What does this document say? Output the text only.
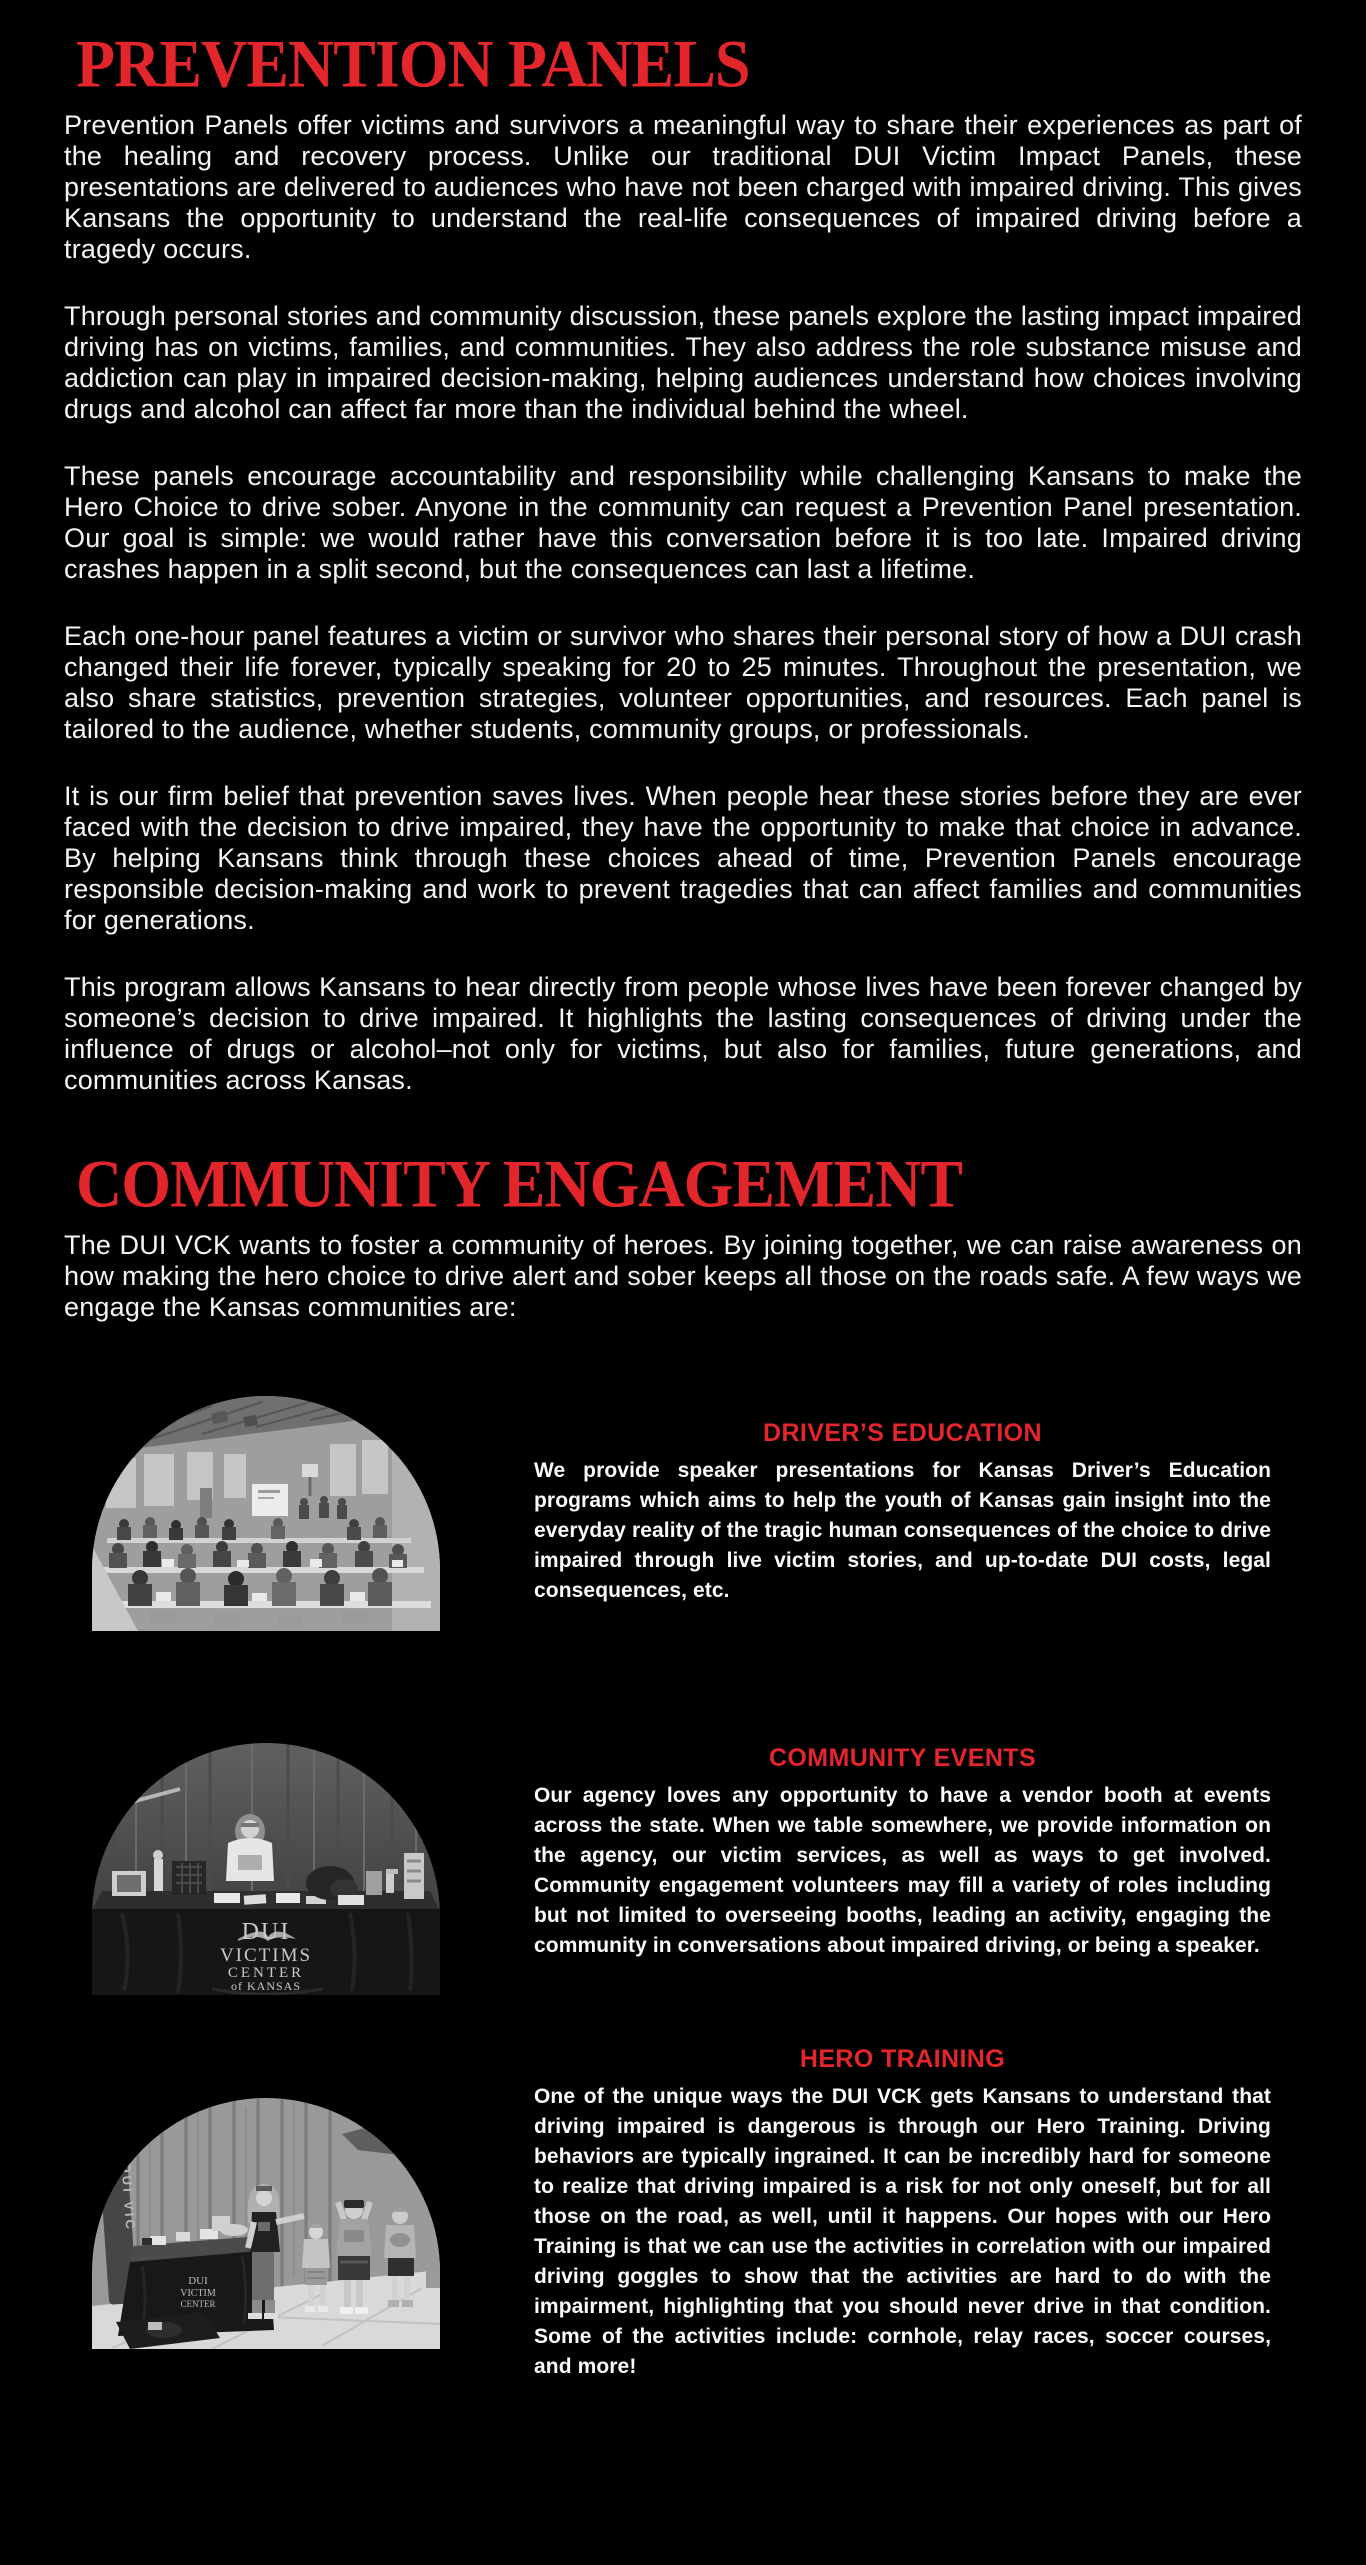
PREVENTION PANELS

Prevention Panels offer victims and survivors a meaningful way to share their experiences as part of the healing and recovery process. Unlike our traditional DUI Victim Impact Panels, these presentations are delivered to audiences who have not been charged with impaired driving. This gives Kansans the opportunity to understand the real-life consequences of impaired driving before a tragedy occurs.

Through personal stories and community discussion, these panels explore the lasting impact impaired driving has on victims, families, and communities. They also address the role substance misuse and addiction can play in impaired decision-making, helping audiences understand how choices involving drugs and alcohol can affect far more than the individual behind the wheel.

These panels encourage accountability and responsibility while challenging Kansans to make the Hero Choice to drive sober. Anyone in the community can request a Prevention Panel presentation. Our goal is simple: we would rather have this conversation before it is too late. Impaired driving crashes happen in a split second, but the consequences can last a lifetime.

Each one-hour panel features a victim or survivor who shares their personal story of how a DUI crash changed their life forever, typically speaking for 20 to 25 minutes. Throughout the presentation, we also share statistics, prevention strategies, volunteer opportunities, and resources. Each panel is tailored to the audience, whether students, community groups, or professionals.

It is our firm belief that prevention saves lives. When people hear these stories before they are ever faced with the decision to drive impaired, they have the opportunity to make that choice in advance. By helping Kansans think through these choices ahead of time, Prevention Panels encourage responsible decision-making and work to prevent tragedies that can affect families and communities for generations.

This program allows Kansans to hear directly from people whose lives have been forever changed by someone’s decision to drive impaired. It highlights the lasting consequences of driving under the influence of drugs or alcohol–not only for victims, but also for families, future generations, and communities across Kansas.

COMMUNITY ENGAGEMENT

The DUI VCK wants to foster a community of heroes. By joining together, we can raise awareness on how making the hero choice to drive alert and sober keeps all those on the roads safe. A few ways we engage the Kansas communities are:

DRIVER’S EDUCATION

We provide speaker presentations for Kansas Driver’s Education programs which aims to help the youth of Kansas gain insight into the everyday reality of the tragic human consequences of the choice to drive impaired through live victim stories, and up-to-date DUI costs, legal consequences, etc.

DUI
VICTIMS
CENTER
of KANSAS
COMMUNITY EVENTS

Our agency loves any opportunity to have a vendor booth at events across the state. When we table somewhere, we provide information on the agency, our victim services, as well as ways to get involved. Community engagement volunteers may fill a variety of roles including but not limited to overseeing booths, leading an activity, engaging the community in conversations about impaired driving, or being a speaker.

HERO TRAINING

One of the unique ways the DUI VCK gets Kansans to understand that driving impaired is dangerous is through our Hero Training. Driving behaviors are typically ingrained. It can be incredibly hard for someone to realize that driving impaired is a risk for not only oneself, but for all those on the road, as well, until it happens. Our hopes with our Hero Training is that we can use the activities in correlation with our impaired driving goggles to show that the activities are hard to do with the impairment, highlighting that you should never drive in that condition. Some of the activities include: cornhole, relay races, soccer courses, and more!

DUI VIC
DUI
VICTIM
CENTER
